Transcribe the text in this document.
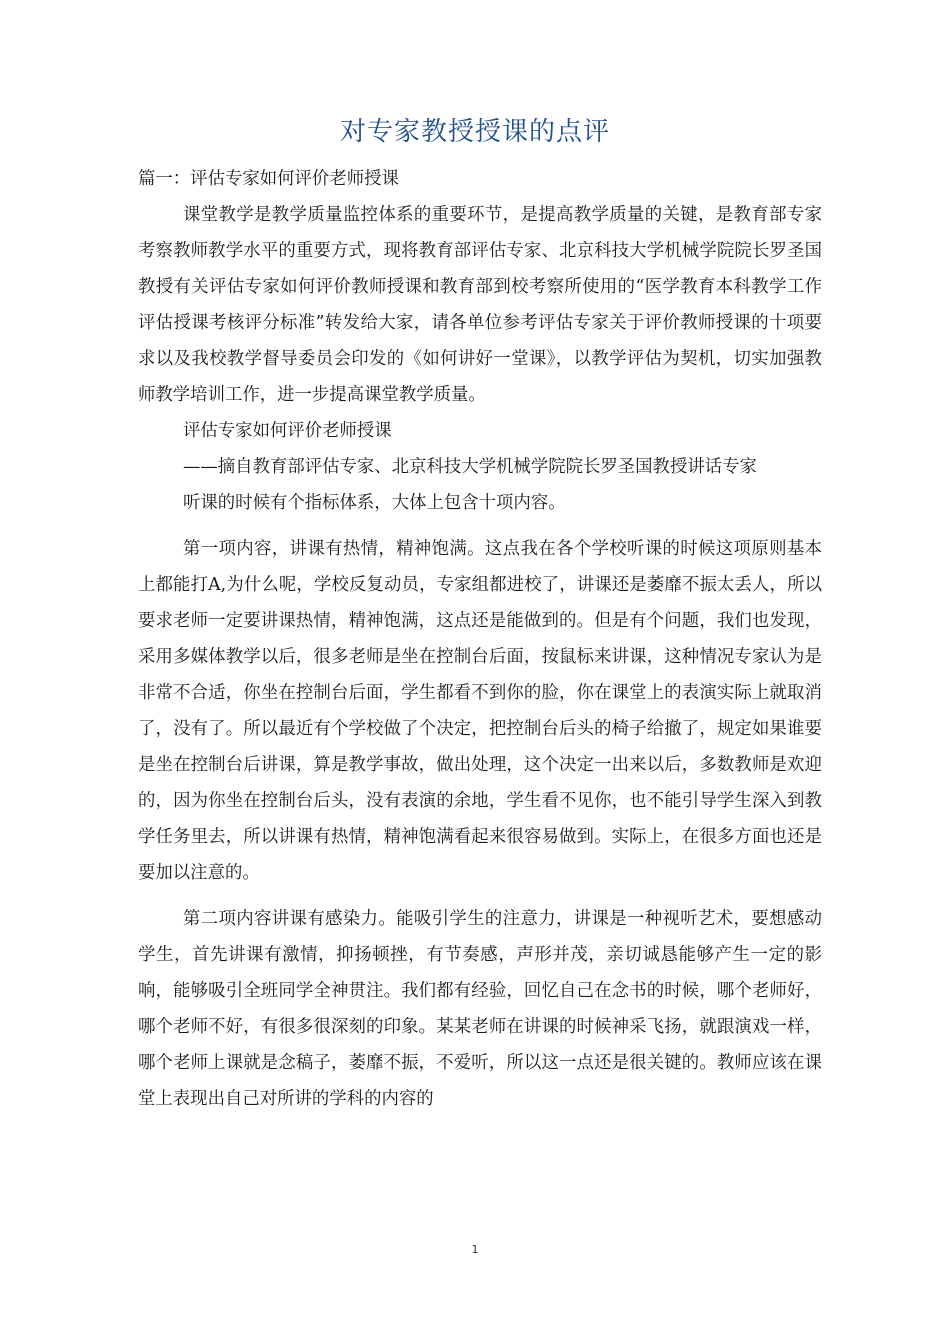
对专家教授授课的点评

篇一：评估专家如何评价老师授课

课堂教学是教学质量监控体系的重要环节，是提高教学质量的关键，是教育部专家考察教师教学水平的重要方式，现将教育部评估专家、北京科技大学机械学院院长罗圣国教授有关评估专家如何评价教师授课和教育部到校考察所使用的“医学教育本科教学工作评估授课考核评分标准”转发给大家，请各单位参考评估专家关于评价教师授课的十项要求以及我校教学督导委员会印发的《如何讲好一堂课》，以教学评估为契机，切实加强教师教学培训工作，进一步提高课堂教学质量。

评估专家如何评价老师授课

——摘自教育部评估专家、北京科技大学机械学院院长罗圣国教授讲话专家

听课的时候有个指标体系，大体上包含十项内容。

第一项内容，讲课有热情，精神饱满。这点我在各个学校听课的时候这项原则基本上都能打A,为什么呢，学校反复动员，专家组都进校了，讲课还是萎靡不振太丢人，所以要求老师一定要讲课热情，精神饱满，这点还是能做到的。但是有个问题，我们也发现，采用多媒体教学以后，很多老师是坐在控制台后面，按鼠标来讲课，这种情况专家认为是非常不合适，你坐在控制台后面，学生都看不到你的脸，你在课堂上的表演实际上就取消了，没有了。所以最近有个学校做了个决定，把控制台后头的椅子给撤了，规定如果谁要是坐在控制台后讲课，算是教学事故，做出处理，这个决定一出来以后，多数教师是欢迎的，因为你坐在控制台后头，没有表演的余地，学生看不见你，也不能引导学生深入到教学任务里去，所以讲课有热情，精神饱满看起来很容易做到。实际上，在很多方面也还是要加以注意的。

第二项内容讲课有感染力。能吸引学生的注意力，讲课是一种视听艺术，要想感动学生，首先讲课有激情，抑扬顿挫，有节奏感，声形并茂，亲切诚恳能够产生一定的影响，能够吸引全班同学全神贯注。我们都有经验，回忆自己在念书的时候，哪个老师好，哪个老师不好，有很多很深刻的印象。某某老师在讲课的时候神采飞扬，就跟演戏一样，哪个老师上课就是念稿子，萎靡不振，不爱听，所以这一点还是很关键的。教师应该在课堂上表现出自己对所讲的学科的内容的

1
